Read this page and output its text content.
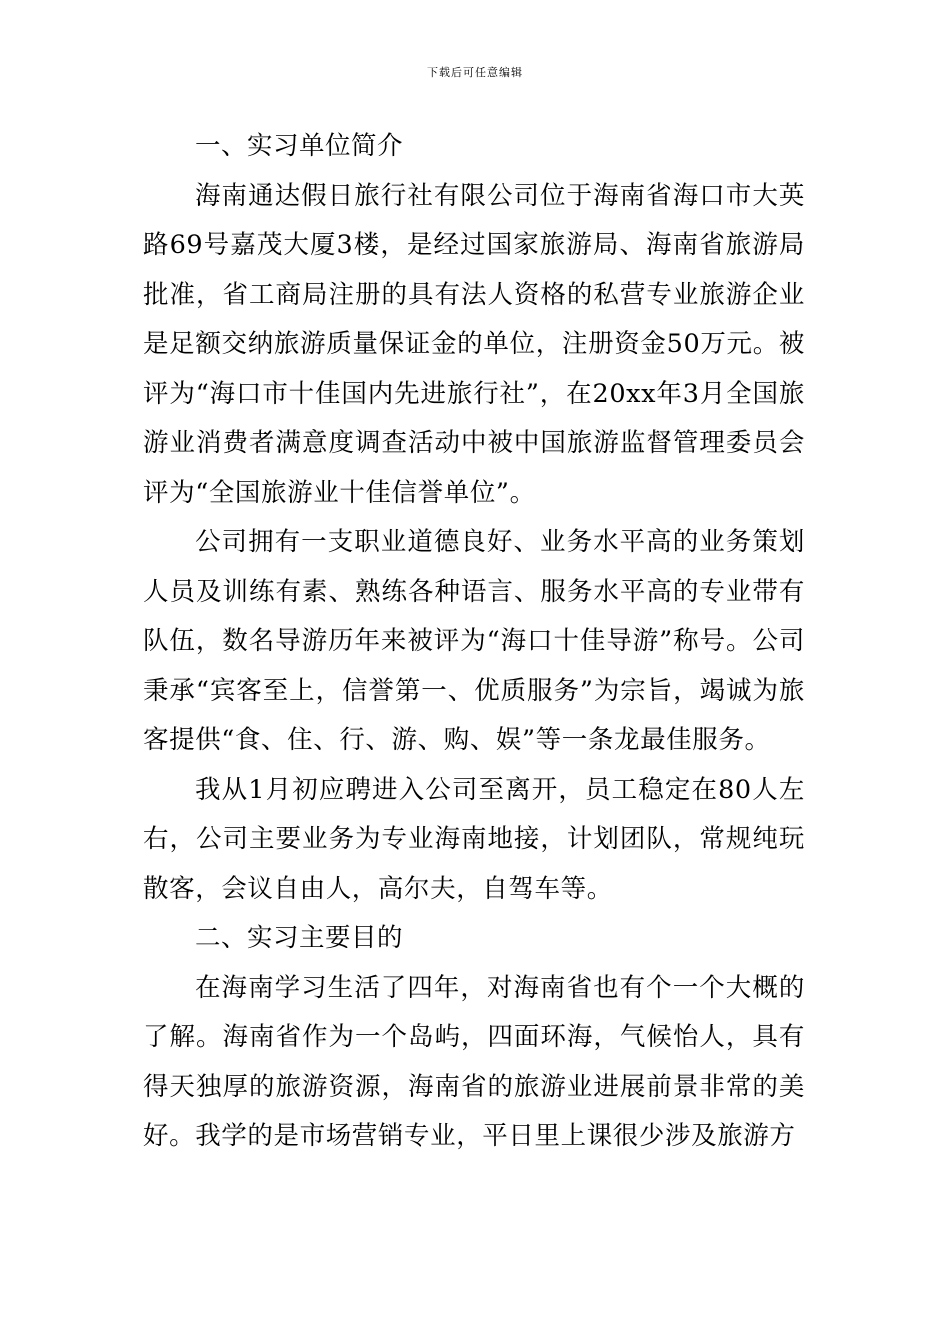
下载后可任意编辑
一、实习单位简介

海南通达假日旅行社有限公司位于海南省海口市大英路69号嘉茂大厦3楼，是经过国家旅游局、海南省旅游局批准，省工商局注册的具有法人资格的私营专业旅游企业是足额交纳旅游质量保证金的单位，注册资金50万元。被评为“海口市十佳国内先进旅行社”，在20xx年3月全国旅游业消费者满意度调查活动中被中国旅游监督管理委员会评为“全国旅游业十佳信誉单位”。

公司拥有一支职业道德良好、业务水平高的业务策划人员及训练有素、熟练各种语言、服务水平高的专业带有队伍，数名导游历年来被评为“海口十佳导游”称号。公司秉承“宾客至上，信誉第一、优质服务”为宗旨，竭诚为旅客提供“食、住、行、游、购、娱”等一条龙最佳服务。

我从1月初应聘进入公司至离开，员工稳定在80人左右，公司主要业务为专业海南地接，计划团队，常规纯玩散客，会议自由人，高尔夫，自驾车等。

二、实习主要目的

在海南学习生活了四年，对海南省也有个一个大概的了解。海南省作为一个岛屿，四面环海，气候怡人，具有得天独厚的旅游资源，海南省的旅游业进展前景非常的美好。我学的是市场营销专业，平日里上课很少涉及旅游方
